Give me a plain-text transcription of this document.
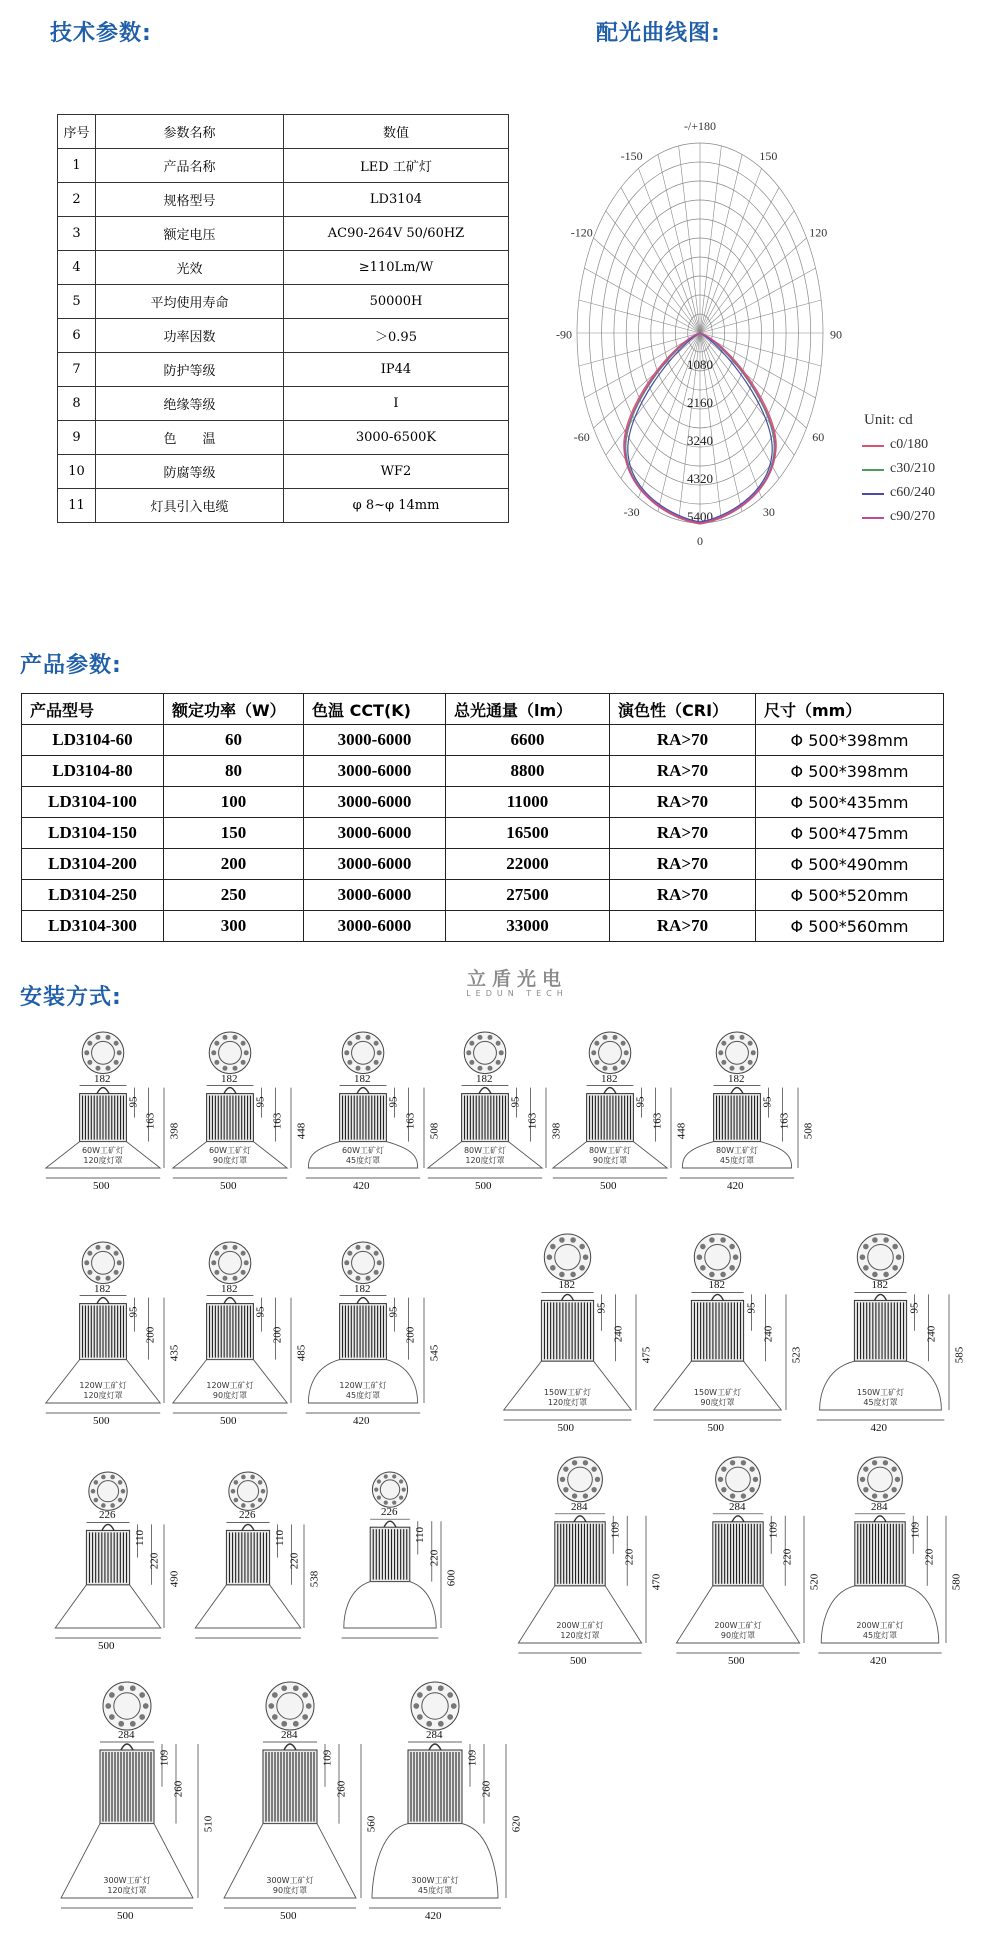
技术参数:	配光曲线图:
产品参数:
安装方式:
序号	参数名称	数值
1	产品名称	LED 工矿灯
2	规格型号	LD3104
3	额定电压	AC90-264V 50/60HZ
4	光效	≥110Lm/W
5	平均使用寿命	50000H
6	功率因数	＞0.95
7	防护等级	IP44
8	绝缘等级	Ⅰ
9	色　　温	3000-6500K
10	防腐等级	WF2
11	灯具引入电缆	φ 8~φ 14mm
-/+180
-150	150
-120	120
-90	90
-60	60
-30	30
0
1080
2160
3240
4320
5400
Unit: cd
c0/180
c30/210
c60/240
c90/270
产品型号	额定功率（W）	色温 CCT(K)	总光通量（lm）	演色性（CRI）	尺寸（mm）
LD3104-60	60	3000-6000	6600	RA>70	Φ 500*398mm
LD3104-80	80	3000-6000	8800	RA>70	Φ 500*398mm
LD3104-100	100	3000-6000	11000	RA>70	Φ 500*435mm
LD3104-150	150	3000-6000	16500	RA>70	Φ 500*475mm
LD3104-200	200	3000-6000	22000	RA>70	Φ 500*490mm
LD3104-250	250	3000-6000	27500	RA>70	Φ 500*520mm
LD3104-300	300	3000-6000	33000	RA>70	Φ 500*560mm
立盾光电
LEDUN TECH
182
95
163
398
500
60W工矿灯
120度灯罩
182
95
163
448
500
60W工矿灯
90度灯罩
182
95
163
508
420
60W工矿灯
45度灯罩
182
95
163
398
500
80W工矿灯
120度灯罩
182
95
163
448
500
80W工矿灯
90度灯罩
182
95
163
508
420
80W工矿灯
45度灯罩
182
95
200
435
500
120W工矿灯
120度灯罩
182
95
200
485
500
120W工矿灯
90度灯罩
182
95
200
545
420
120W工矿灯
45度灯罩
182
95
240
475
500
150W工矿灯
120度灯罩
182
95
240
523
500
150W工矿灯
90度灯罩
182
95
240
585
420
150W工矿灯
45度灯罩
226
110
220
490
500
226
110
220
538
226
110
220
600
284
109
220
470
500
200W工矿灯
120度灯罩
284
109
220
520
500
200W工矿灯
90度灯罩
284
109
220
580
420
200W工矿灯
45度灯罩
284
109
260
510
500
300W工矿灯
120度灯罩
284
109
260
560
500
300W工矿灯
90度灯罩
284
109
260
620
420
300W工矿灯
45度灯罩
